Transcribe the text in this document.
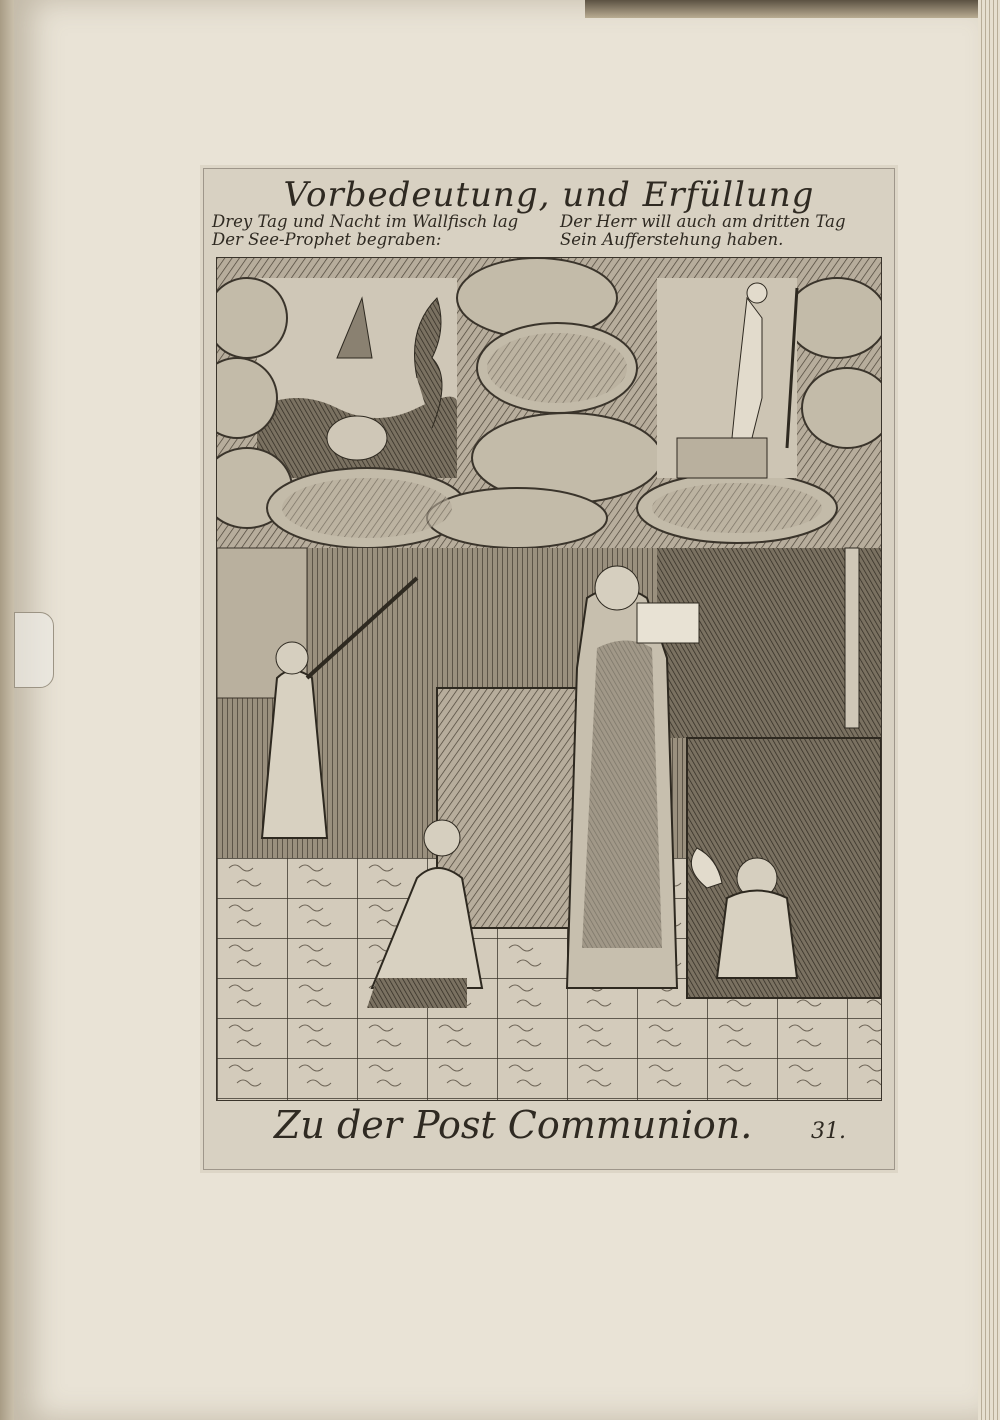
Vorbedeutung, und Erfüllung
Drey Tag und Nacht im Wallfisch lag
Der See-Prophet begraben:
Der Herr will auch am dritten Tag
Sein Aufferstehung haben.
Zu der Post Communion.	31.
